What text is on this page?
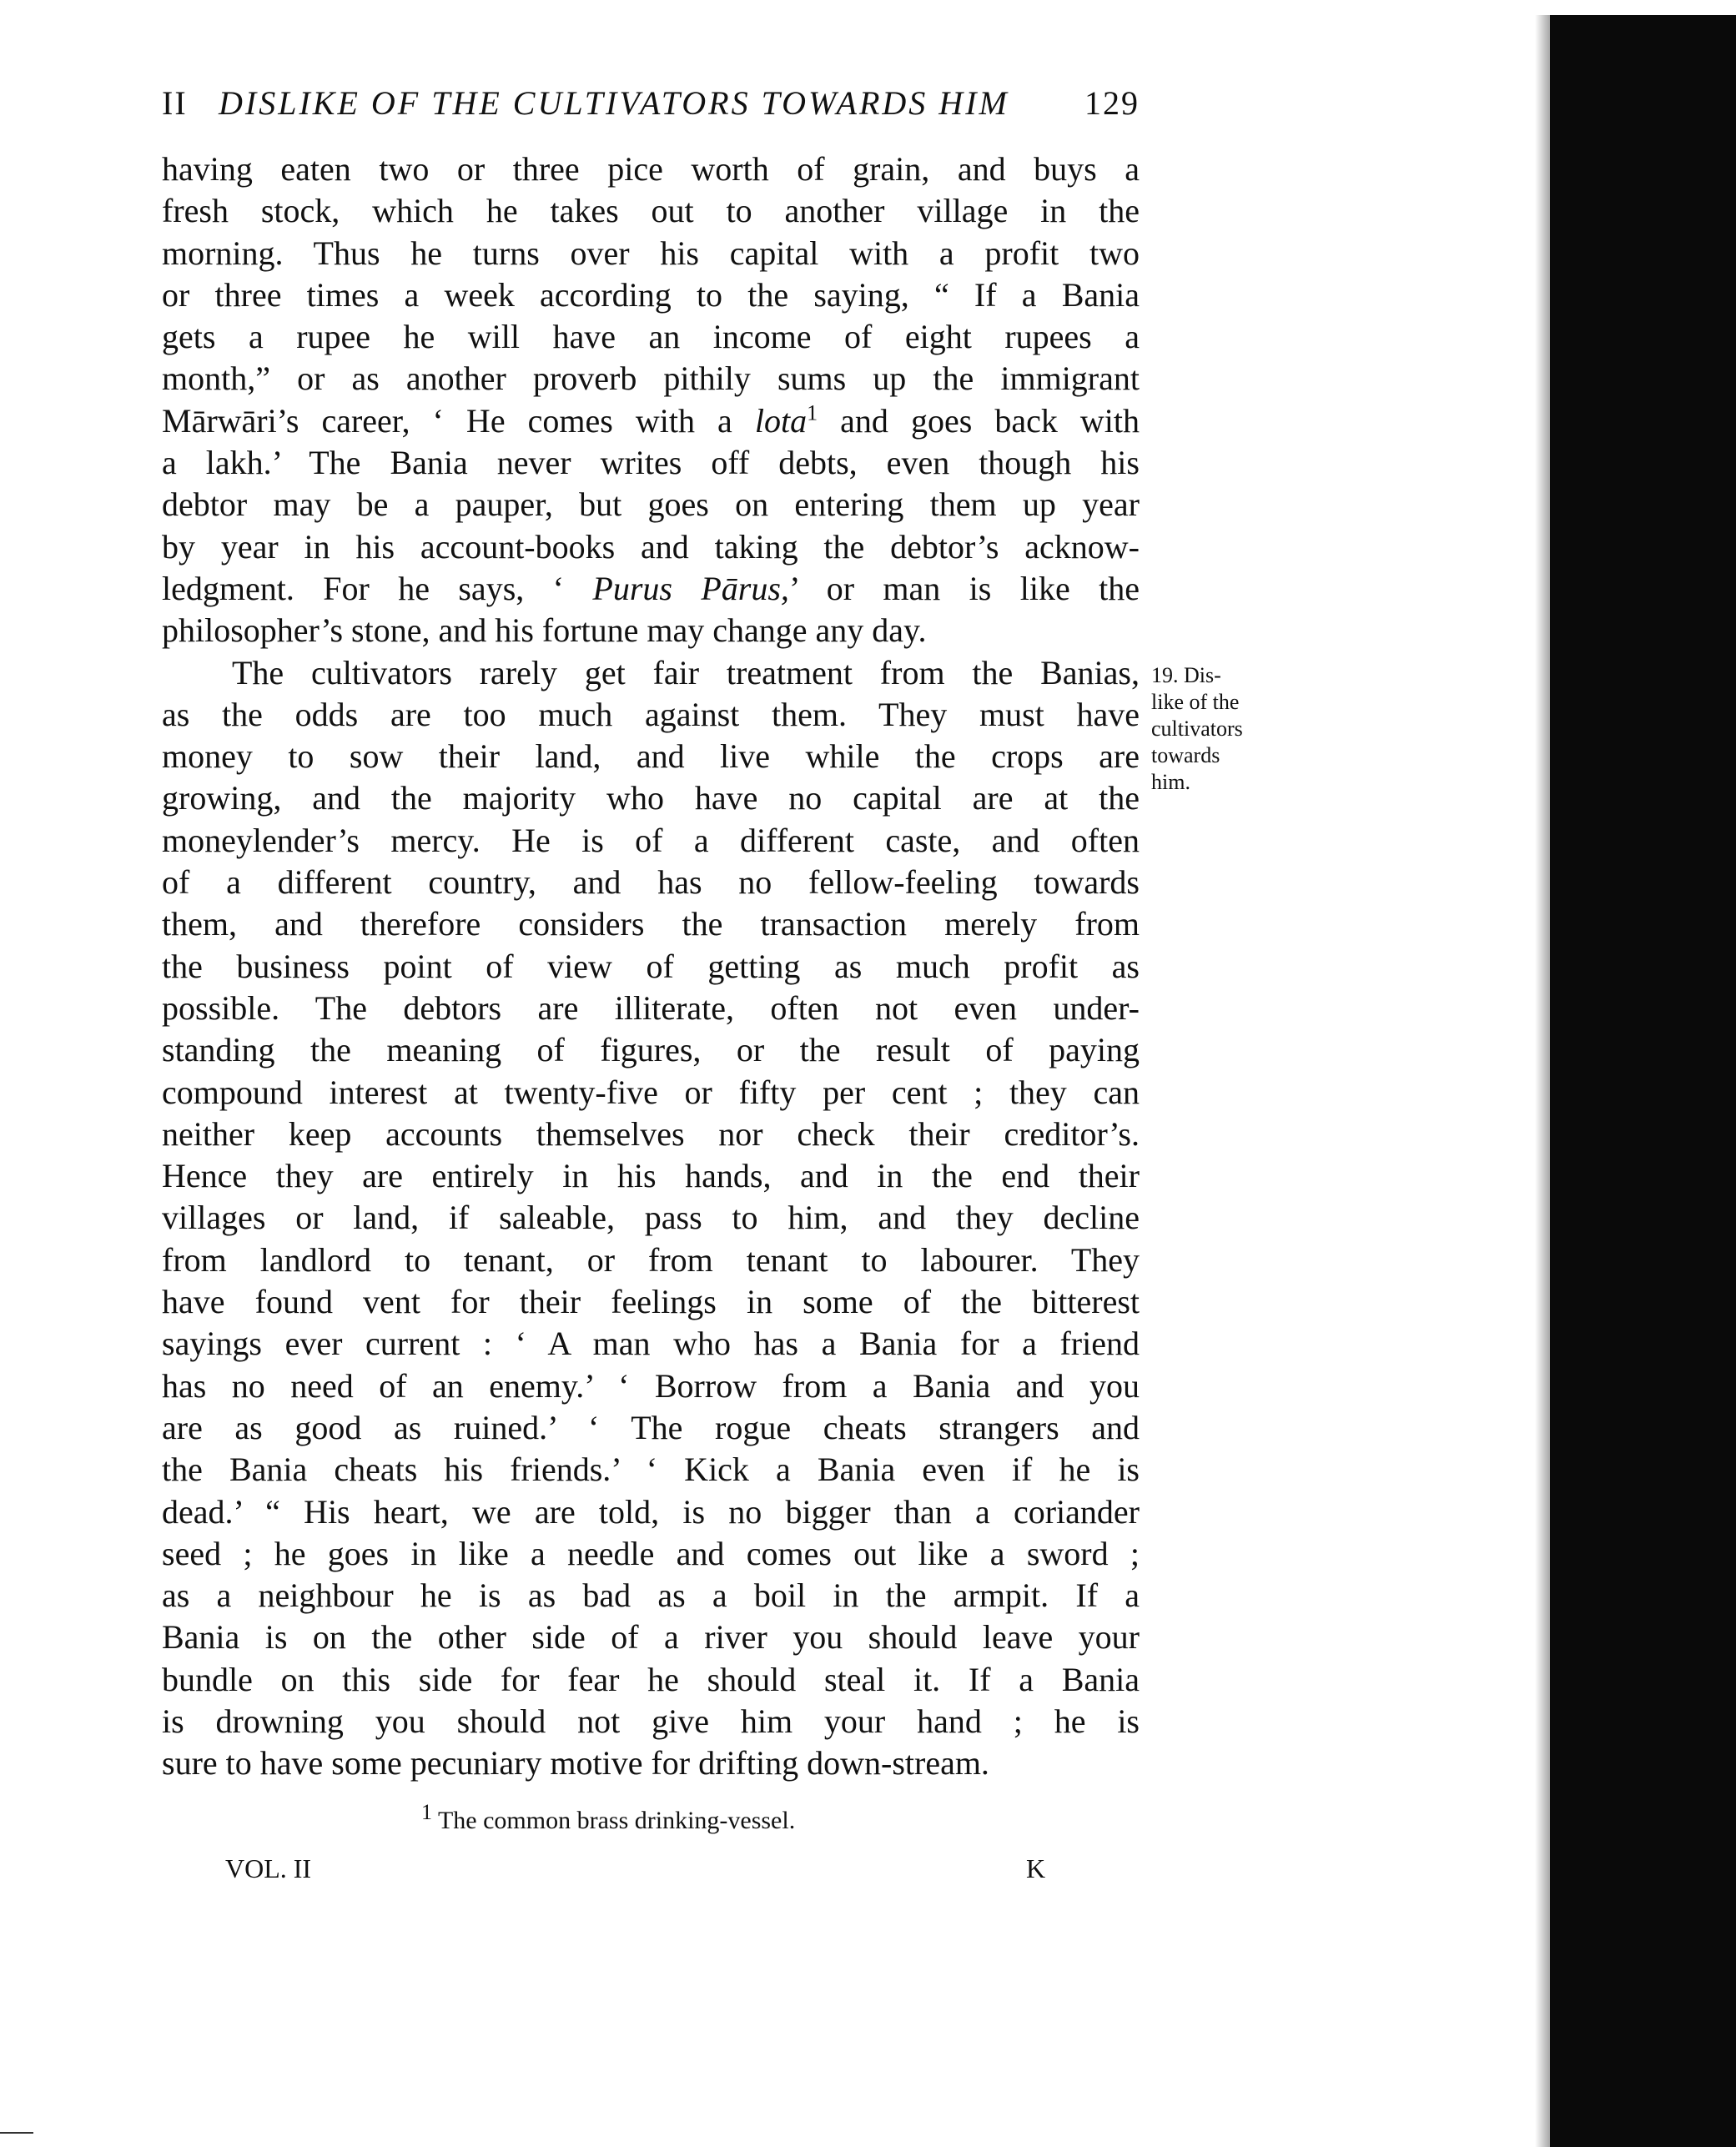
II DISLIKE OF THE CULTIVATORS TOWARDS HIM 129
having eaten two or three pice worth of grain, and buys a
fresh stock, which he takes out to another village in the
morning. Thus he turns over his capital with a profit two
or three times a week according to the saying, “ If a Bania
gets a rupee he will have an income of eight rupees a
month,” or as another proverb pithily sums up the immigrant
Mārwāri’s career, ‘ He comes with a lota$^1$ and goes back with
a lakh.’ The Bania never writes off debts, even though his
debtor may be a pauper, but goes on entering them up year
by year in his account-books and taking the debtor’s acknow-
ledgment. For he says, ‘ Purus Pārus,’ or man is like the
philosopher’s stone, and his fortune may change any day.
The cultivators rarely get fair treatment from the Banias,
as the odds are too much against them. They must have
money to sow their land, and live while the crops are
growing, and the majority who have no capital are at the
moneylender’s mercy. He is of a different caste, and often
of a different country, and has no fellow-feeling towards
them, and therefore considers the transaction merely from
the business point of view of getting as much profit as
possible. The debtors are illiterate, often not even under-
standing the meaning of figures, or the result of paying
compound interest at twenty-five or fifty per cent ; they can
neither keep accounts themselves nor check their creditor’s.
Hence they are entirely in his hands, and in the end their
villages or land, if saleable, pass to him, and they decline
from landlord to tenant, or from tenant to labourer. They
have found vent for their feelings in some of the bitterest
sayings ever current : ‘ A man who has a Bania for a friend
has no need of an enemy.’ ‘ Borrow from a Bania and you
are as good as ruined.’ ‘ The rogue cheats strangers and
the Bania cheats his friends.’ ‘ Kick a Bania even if he is
dead.’ “ His heart, we are told, is no bigger than a coriander
seed ; he goes in like a needle and comes out like a sword ;
as a neighbour he is as bad as a boil in the armpit. If a
Bania is on the other side of a river you should leave your
bundle on this side for fear he should steal it. If a Bania
is drowning you should not give him your hand ; he is
sure to have some pecuniary motive for drifting down-stream.
19. Dis-
like of the
cultivators
towards
him.
1 The common brass drinking-vessel.
VOL. II	K
